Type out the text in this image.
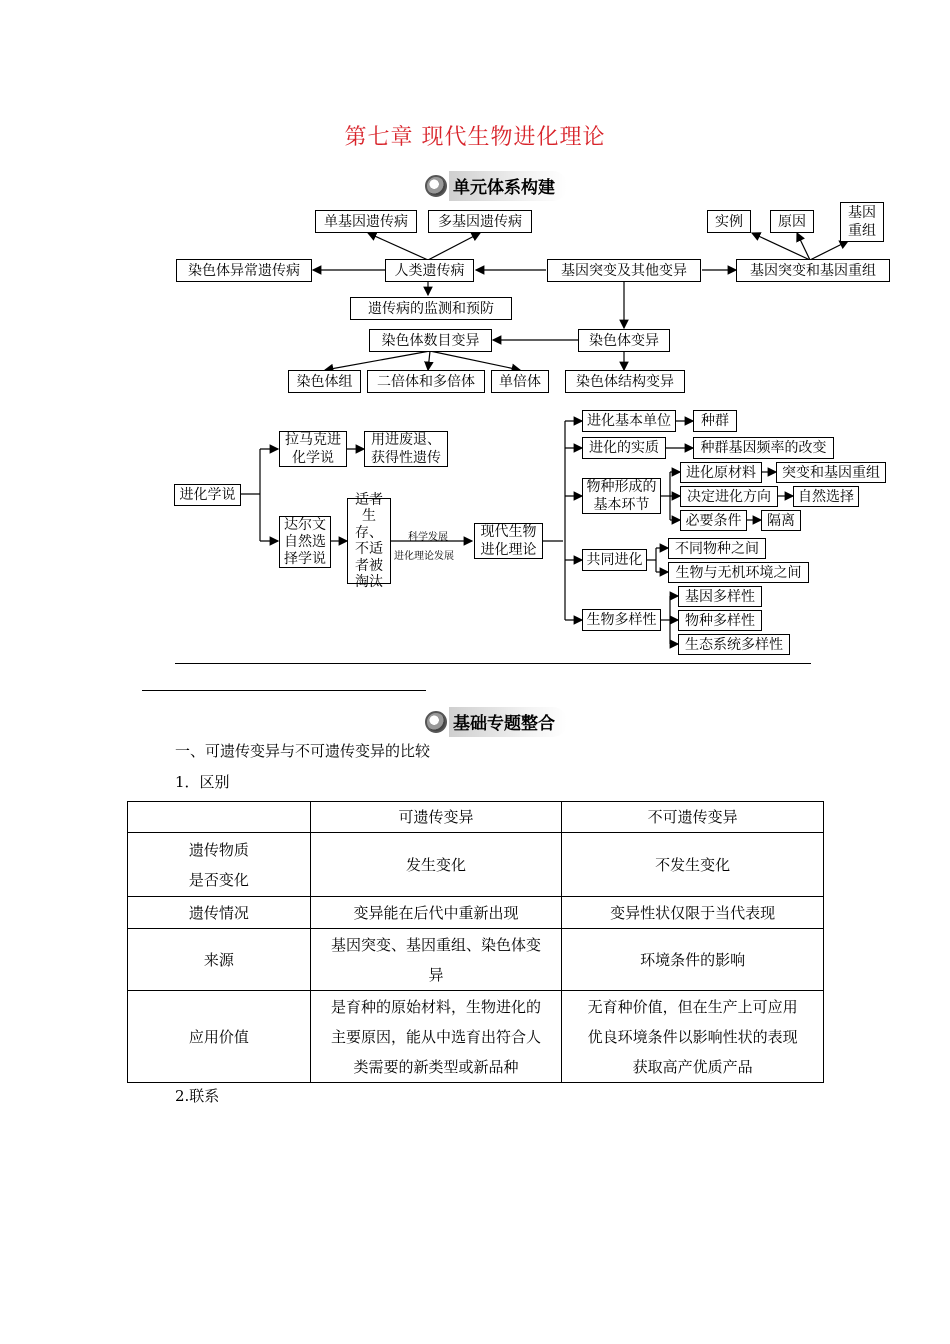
第七章 现代生物进化理论
单元体系构建
单基因遗传病	多基因遗传病	实例	原因
基因
重组
染色体异常遗传病	人类遗传病	基因突变及其他变异	基因突变和基因重组
遗传病的监测和预防
染色体数目变异	染色体变异
染色体组	二倍体和多倍体	单倍体	染色体结构变异
进化学说
拉马克进
化学说
用进废退、
获得性遗传
达尔文
自然选
择学说
适者
生存、
不适
者被
淘汰
科学发展
进化理论发展
现代生物
进化理论
进化基本单位	种群
进化的实质	种群基因频率的改变
物种形成的
基本环节
进化原材料	突变和基因重组
决定进化方向	自然选择
必要条件	隔离
共同进化
不同物种之间
生物与无机环境之间
生物多样性
基因多样性
物种多样性
生态系统多样性
基础专题整合
一、可遗传变异与不可遗传变异的比较
1．区别
	可遗传变异	不可遗传变异
遗传物质
是否变化	发生变化	不发生变化
遗传情况	变异能在后代中重新出现	变异性状仅限于当代表现
来源	基因突变、基因重组、染色体变
异	环境条件的影响
应用价值	是育种的原始材料，生物进化的
主要原因，能从中选育出符合人
类需要的新类型或新品种	无育种价值，但在生产上可应用
优良环境条件以影响性状的表现
获取高产优质产品
2.联系
